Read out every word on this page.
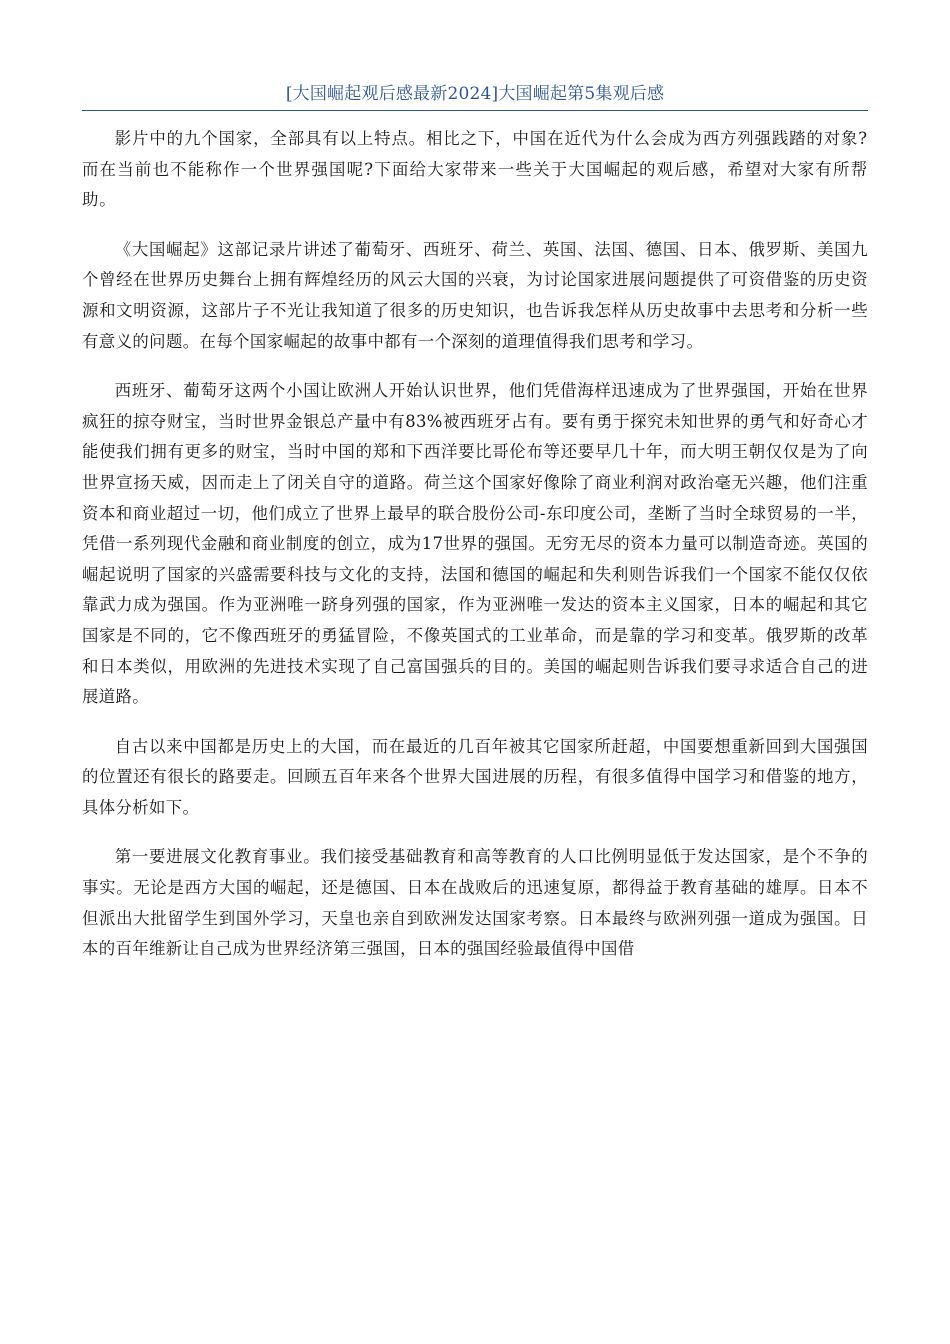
[大国崛起观后感最新2024]大国崛起第5集观后感

影片中的九个国家，全部具有以上特点。相比之下，中国在近代为什么会成为西方列强践踏的对象?而在当前也不能称作一个世界强国呢?下面给大家带来一些关于大国崛起的观后感，希望对大家有所帮助。

《大国崛起》这部记录片讲述了葡萄牙、西班牙、荷兰、英国、法国、德国、日本、俄罗斯、美国九个曾经在世界历史舞台上拥有辉煌经历的风云大国的兴衰，为讨论国家进展问题提供了可资借鉴的历史资源和文明资源，这部片子不光让我知道了很多的历史知识，也告诉我怎样从历史故事中去思考和分析一些有意义的问题。在每个国家崛起的故事中都有一个深刻的道理值得我们思考和学习。

西班牙、葡萄牙这两个小国让欧洲人开始认识世界，他们凭借海样迅速成为了世界强国，开始在世界疯狂的掠夺财宝，当时世界金银总产量中有83%被西班牙占有。要有勇于探究未知世界的勇气和好奇心才能使我们拥有更多的财宝，当时中国的郑和下西洋要比哥伦布等还要早几十年，而大明王朝仅仅是为了向世界宣扬天威，因而走上了闭关自守的道路。荷兰这个国家好像除了商业利润对政治毫无兴趣，他们注重资本和商业超过一切，他们成立了世界上最早的联合股份公司-东印度公司，垄断了当时全球贸易的一半，凭借一系列现代金融和商业制度的创立，成为17世界的强国。无穷无尽的资本力量可以制造奇迹。英国的崛起说明了国家的兴盛需要科技与文化的支持，法国和德国的崛起和失利则告诉我们一个国家不能仅仅依靠武力成为强国。作为亚洲唯一跻身列强的国家，作为亚洲唯一发达的资本主义国家，日本的崛起和其它国家是不同的，它不像西班牙的勇猛冒险，不像英国式的工业革命，而是靠的学习和变革。俄罗斯的改革和日本类似，用欧洲的先进技术实现了自己富国强兵的目的。美国的崛起则告诉我们要寻求适合自己的进展道路。

自古以来中国都是历史上的大国，而在最近的几百年被其它国家所赶超，中国要想重新回到大国强国的位置还有很长的路要走。回顾五百年来各个世界大国进展的历程，有很多值得中国学习和借鉴的地方，具体分析如下。

第一要进展文化教育事业。我们接受基础教育和高等教育的人口比例明显低于发达国家，是个不争的事实。无论是西方大国的崛起，还是德国、日本在战败后的迅速复原，都得益于教育基础的雄厚。日本不但派出大批留学生到国外学习，天皇也亲自到欧洲发达国家考察。日本最终与欧洲列强一道成为强国。日本的百年维新让自己成为世界经济第三强国，日本的强国经验最值得中国借
